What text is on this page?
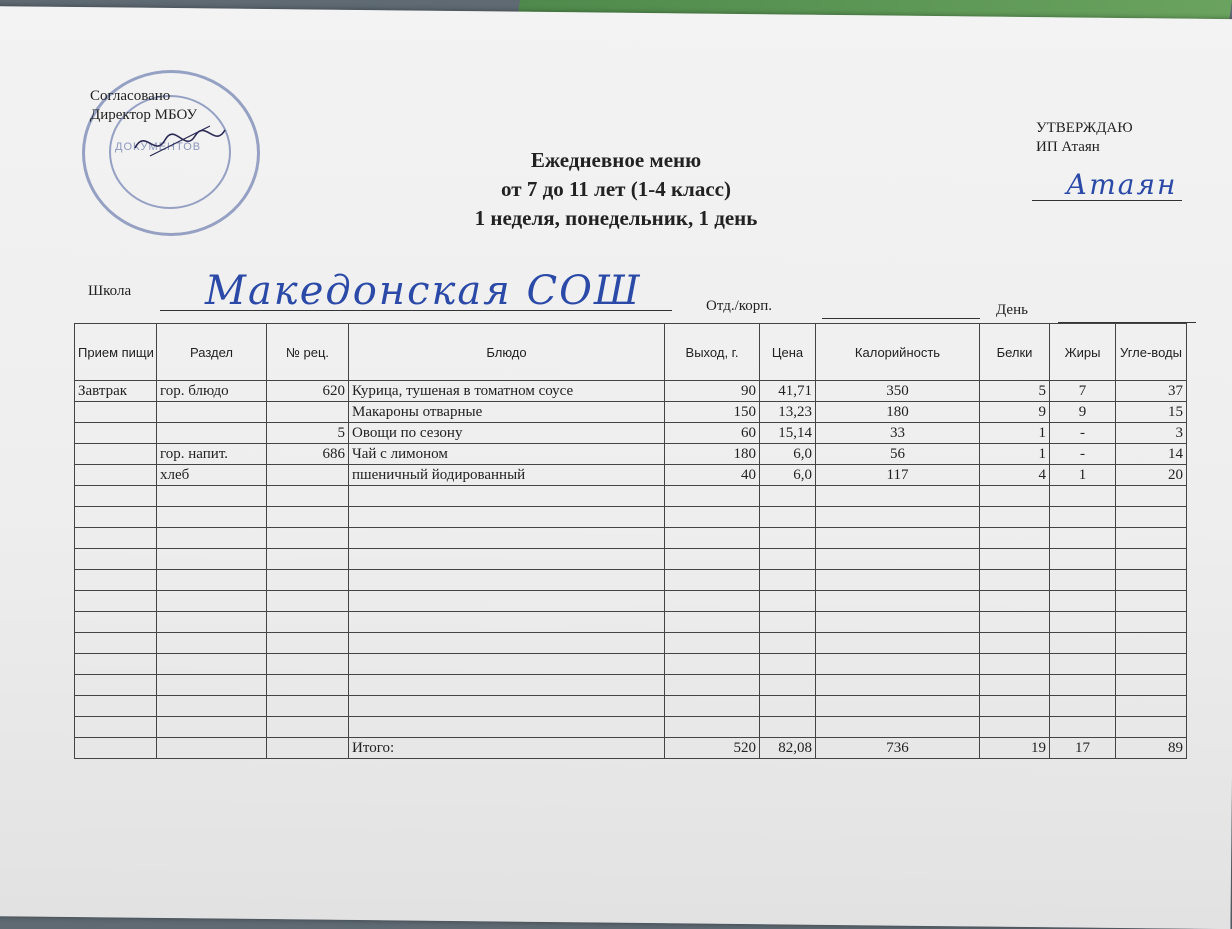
ДОКУМЕНТОВ
Согласовано
Директор МБОУ
УТВЕРЖДАЮ
ИП Атаян
Атаян
Ежедневное меню
от 7 до 11 лет (1-4 класс)
1 неделя, понедельник, 1 день
Школа Македонская СОШ	Отд./корп.	День
Прием пищи	Раздел	№ рец.	Блюдо	Выход, г.	Цена	Калорийность	Белки	Жиры	Угле-воды
Завтрак	гор. блюдо	620	Курица, тушеная в томатном соусе	90	41,71	350	5	7	37
			Макароны отварные	150	13,23	180	9	9	15
		5	Овощи по сезону	60	15,14	33	1	-	3
	гор. напит.	686	Чай с лимоном	180	6,0	56	1	-	14
	хлеб		пшеничный йодированный	40	6,0	117	4	1	20

			Итого:	520	82,08	736	19	17	89
